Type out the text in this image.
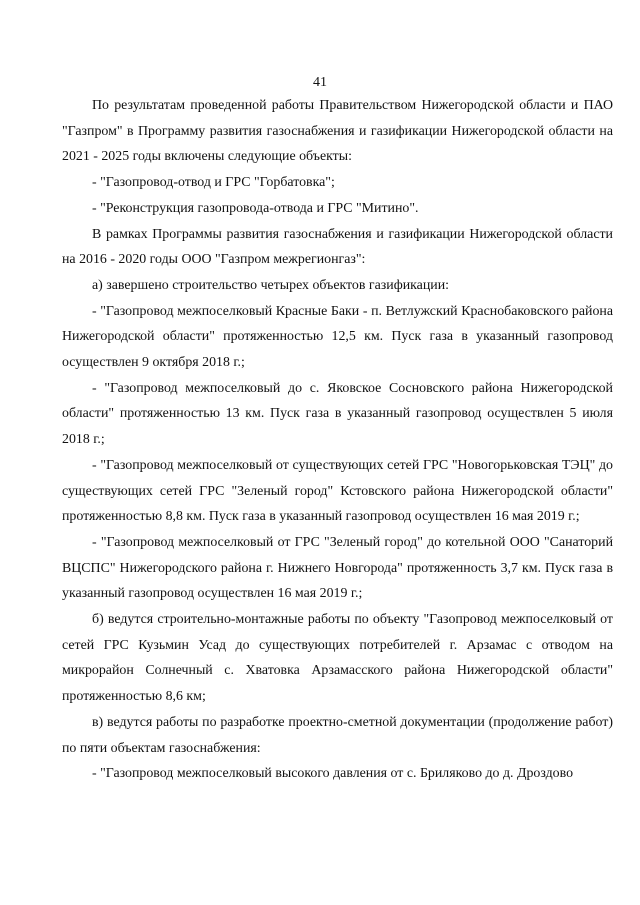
41

По результатам проведенной работы Правительством Нижегородской области и ПАО "Газпром" в Программу развития газоснабжения и газификации Нижегородской области на 2021 - 2025 годы включены следующие объекты:

- "Газопровод-отвод и ГРС "Горбатовка";

- "Реконструкция газопровода-отвода и ГРС "Митино".

В рамках Программы развития газоснабжения и газификации Нижегородской области на 2016 - 2020 годы ООО "Газпром межрегионгаз":

а) завершено строительство четырех объектов газификации:

- "Газопровод межпоселковый Красные Баки - п. Ветлужский Краснобаковского района Нижегородской области" протяженностью 12,5 км. Пуск газа в указанный газопровод осуществлен 9 октября 2018 г.;

- "Газопровод межпоселковый до с. Яковское Сосновского района Нижегородской области" протяженностью 13 км. Пуск газа в указанный газопровод осуществлен 5 июля 2018 г.;

- "Газопровод межпоселковый от существующих сетей ГРС "Новогорьковская ТЭЦ" до существующих сетей ГРС "Зеленый город" Кстовского района Нижегородской области" протяженностью 8,8 км. Пуск газа в указанный газопровод осуществлен 16 мая 2019 г.;

- "Газопровод межпоселковый от ГРС "Зеленый город" до котельной ООО "Санаторий ВЦСПС" Нижегородского района г. Нижнего Новгорода" протяженность 3,7 км. Пуск газа в указанный газопровод осуществлен 16 мая 2019 г.;

б) ведутся строительно-монтажные работы по объекту "Газопровод межпоселковый от сетей ГРС Кузьмин Усад до существующих потребителей г. Арзамас с отводом на микрорайон Солнечный с. Хватовка Арзамасского района Нижегородской области" протяженностью 8,6 км;

в) ведутся работы по разработке проектно-сметной документации (продолжение работ) по пяти объектам газоснабжения:

- "Газопровод межпоселковый высокого давления от с. Бриляково до д. Дроздово
